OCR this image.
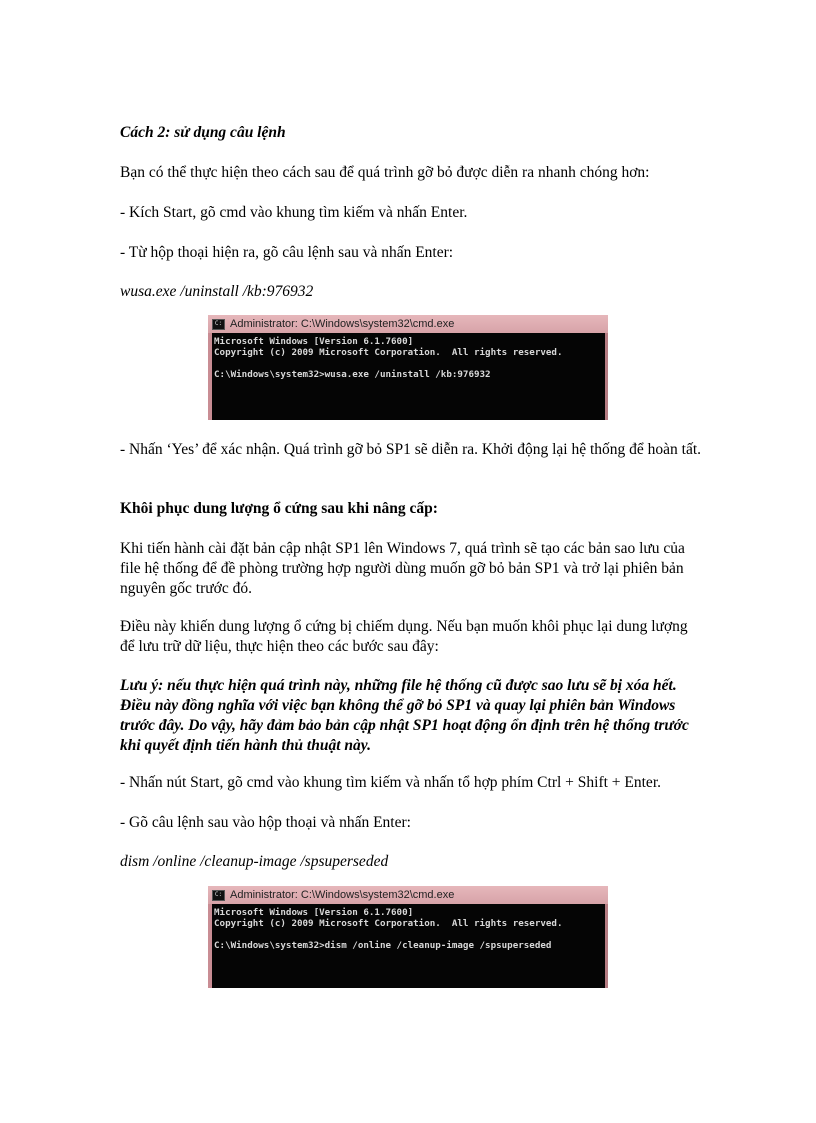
Cách 2: sử dụng câu lệnh

Bạn có thể thực hiện theo cách sau để quá trình gỡ bỏ được diễn ra nhanh chóng hơn:

- Kích Start, gõ cmd vào khung tìm kiếm và nhấn Enter.

- Từ hộp thoại hiện ra, gõ câu lệnh sau và nhấn Enter:

wusa.exe /uninstall /kb:976932

C: Administrator: C:\Windows\system32\cmd.exe
Microsoft Windows [Version 6.1.7600]
Copyright (c) 2009 Microsoft Corporation.  All rights reserved.

C:\Windows\system32>wusa.exe /uninstall /kb:976932

- Nhấn ‘Yes’ để xác nhận. Quá trình gỡ bỏ SP1 sẽ diễn ra. Khởi động lại hệ thống để hoàn tất.

Khôi phục dung lượng ổ cứng sau khi nâng cấp:

Khi tiến hành cài đặt bản cập nhật SP1 lên Windows 7, quá trình sẽ tạo các bản sao lưu của file hệ thống để đề phòng trường hợp người dùng muốn gỡ bỏ bản SP1 và trở lại phiên bản nguyên gốc trước đó.

Điều này khiến dung lượng ổ cứng bị chiếm dụng. Nếu bạn muốn khôi phục lại dung lượng để lưu trữ dữ liệu, thực hiện theo các bước sau đây:

Lưu ý: nếu thực hiện quá trình này, những file hệ thống cũ được sao lưu sẽ bị xóa hết. Điều này đồng nghĩa với việc bạn không thể gỡ bỏ SP1 và quay lại phiên bản Windows trước đây. Do vậy, hãy đảm bảo bản cập nhật SP1 hoạt động ổn định trên hệ thống trước khi quyết định tiến hành thủ thuật này.

- Nhấn nút Start, gõ cmd vào khung tìm kiếm và nhấn tổ hợp phím Ctrl + Shift + Enter.

- Gõ câu lệnh sau vào hộp thoại và nhấn Enter:

dism /online /cleanup-image /spsuperseded

C: Administrator: C:\Windows\system32\cmd.exe
Microsoft Windows [Version 6.1.7600]
Copyright (c) 2009 Microsoft Corporation.  All rights reserved.

C:\Windows\system32>dism /online /cleanup-image /spsuperseded
